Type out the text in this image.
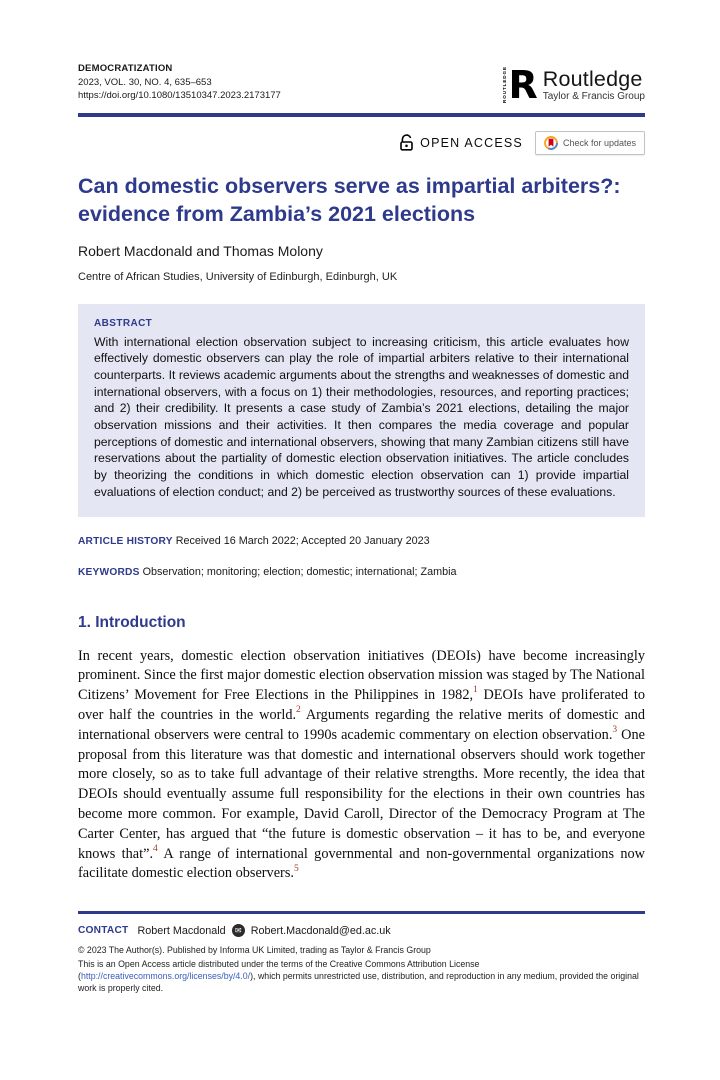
DEMOCRATIZATION
2023, VOL. 30, NO. 4, 635–653
https://doi.org/10.1080/13510347.2023.2173177	ROUTLEDGE R Routledge
Taylor & Francis Group
OPEN ACCESS	Check for updates
Can domestic observers serve as impartial arbiters?:
evidence from Zambia’s 2021 elections
Robert Macdonald and Thomas Molony
Centre of African Studies, University of Edinburgh, Edinburgh, UK
ABSTRACT

With international election observation subject to increasing criticism, this article evaluates how effectively domestic observers can play the role of impartial arbiters relative to their international counterparts. It reviews academic arguments about the strengths and weaknesses of domestic and international observers, with a focus on 1) their methodologies, resources, and reporting practices; and 2) their credibility. It presents a case study of Zambia’s 2021 elections, detailing the major observation missions and their activities. It then compares the media coverage and popular perceptions of domestic and international observers, showing that many Zambian citizens still have reservations about the partiality of domestic election observation initiatives. The article concludes by theorizing the conditions in which domestic election observation can 1) provide impartial evaluations of election conduct; and 2) be perceived as trustworthy sources of these evaluations.

ARTICLE HISTORY Received 16 March 2022; Accepted 20 January 2023
KEYWORDS Observation; monitoring; election; domestic; international; Zambia
1. Introduction

In recent years, domestic election observation initiatives (DEOIs) have become increasingly prominent. Since the first major domestic election observation mission was staged by The National Citizens’ Movement for Free Elections in the Philippines in 1982,$^1$ DEOIs have proliferated to over half the countries in the world.$^2$ Arguments regarding the relative merits of domestic and international observers were central to 1990s academic commentary on election observation.$^3$ One proposal from this literature was that domestic and international observers should work together more closely, so as to take full advantage of their relative strengths. More recently, the idea that DEOIs should eventually assume full responsibility for the elections in their own countries has become more common. For example, David Caroll, Director of the Democracy Program at The Carter Center, has argued that “the future is domestic observation – it has to be, and everyone knows that”.$^4$ A range of international governmental and non-governmental organizations now facilitate domestic election observers.$^5$

CONTACT Robert Macdonald	✉ Robert.Macdonald@ed.ac.uk
© 2023 The Author(s). Published by Informa UK Limited, trading as Taylor & Francis Group
This is an Open Access article distributed under the terms of the Creative Commons Attribution License (http://creativecommons.org/licenses/by/4.0/), which permits unrestricted use, distribution, and reproduction in any medium, provided the original work is properly cited.
